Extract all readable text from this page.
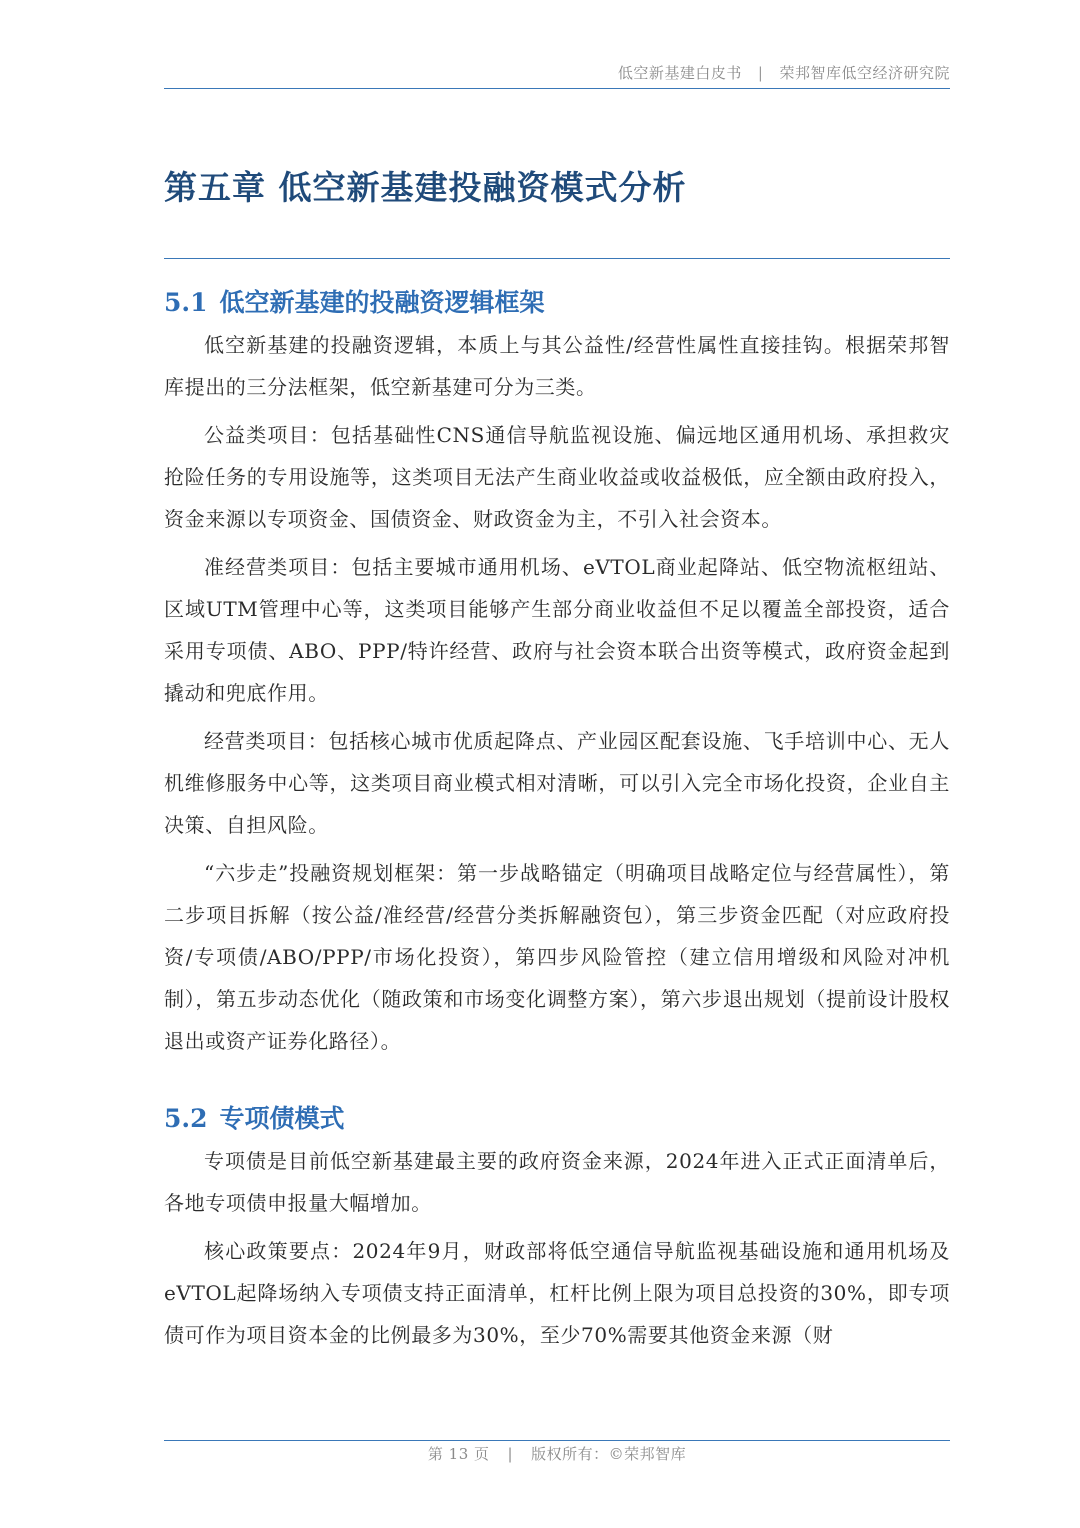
低空新基建白皮书 | 荣邦智库低空经济研究院
第五章 低空新基建投融资模式分析
5.1 低空新基建的投融资逻辑框架

低空新基建的投融资逻辑，本质上与其公益性/经营性属性直接挂钩。根据荣邦智库提出的三分法框架，低空新基建可分为三类。

公益类项目：包括基础性CNS通信导航监视设施、偏远地区通用机场、承担救灾抢险任务的专用设施等，这类项目无法产生商业收益或收益极低，应全额由政府投入，资金来源以专项资金、国债资金、财政资金为主，不引入社会资本。

准经营类项目：包括主要城市通用机场、eVTOL商业起降站、低空物流枢纽站、区域UTM管理中心等，这类项目能够产生部分商业收益但不足以覆盖全部投资，适合采用专项债、ABO、PPP/特许经营、政府与社会资本联合出资等模式，政府资金起到撬动和兜底作用。

经营类项目：包括核心城市优质起降点、产业园区配套设施、飞手培训中心、无人机维修服务中心等，这类项目商业模式相对清晰，可以引入完全市场化投资，企业自主决策、自担风险。

“六步走”投融资规划框架：第一步战略锚定（明确项目战略定位与经营属性），第二步项目拆解（按公益/准经营/经营分类拆解融资包），第三步资金匹配（对应政府投资/专项债/ABO/PPP/市场化投资），第四步风险管控（建立信用增级和风险对冲机制），第五步动态优化（随政策和市场变化调整方案），第六步退出规划（提前设计股权退出或资产证券化路径）。

5.2 专项债模式

专项债是目前低空新基建最主要的政府资金来源，2024年进入正式正面清单后，各地专项债申报量大幅增加。

核心政策要点：2024年9月，财政部将低空通信导航监视基础设施和通用机场及eVTOL起降场纳入专项债支持正面清单，杠杆比例上限为项目总投资的30%，即专项债可作为项目资本金的比例最多为30%，至少70%需要其他资金来源（财

第 13 页 | 版权所有：©荣邦智库
